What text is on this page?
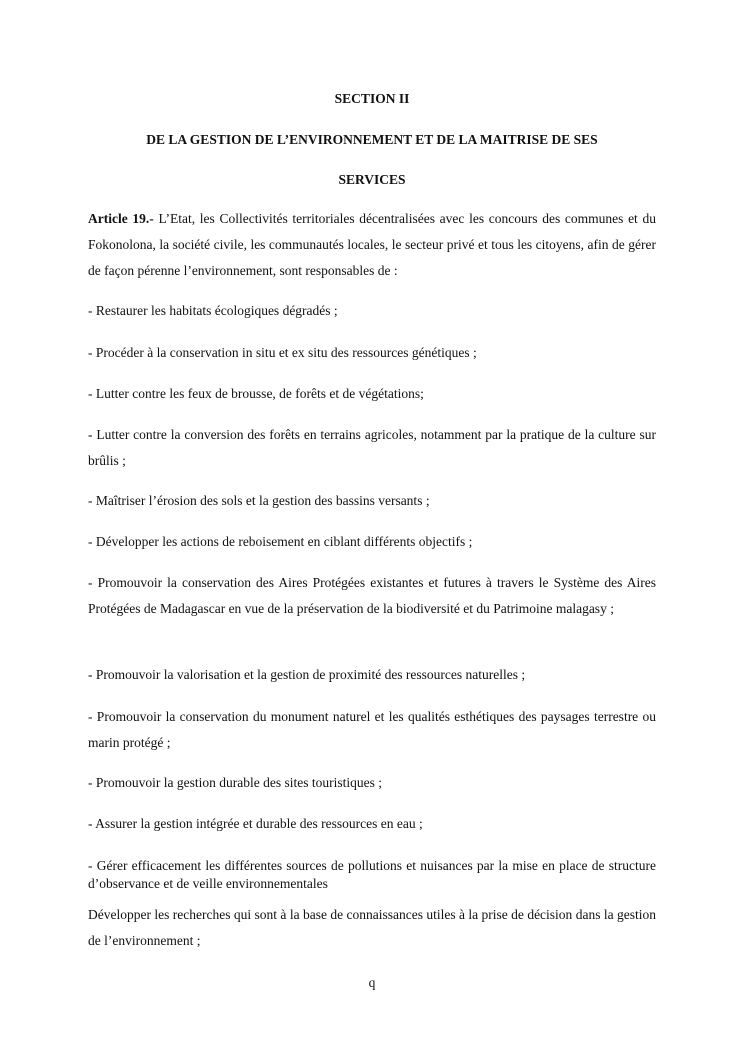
SECTION II
DE LA GESTION DE L’ENVIRONNEMENT ET DE LA MAITRISE DE SES
SERVICES
Article 19.- L’Etat, les Collectivités territoriales décentralisées avec les concours des communes et du Fokonolona, la société civile, les communautés locales, le secteur privé et tous les citoyens, afin de gérer de façon pérenne l’environnement, sont responsables de :
- Restaurer les habitats écologiques dégradés ;
- Procéder à la conservation in situ et ex situ des ressources génétiques ;
- Lutter contre les feux de brousse, de forêts et de végétations;
- Lutter contre la conversion des forêts en terrains agricoles, notamment par la pratique de la culture sur brûlis ;
- Maîtriser l’érosion des sols et la gestion des bassins versants ;
- Développer les actions de reboisement en ciblant différents objectifs ;
- Promouvoir la conservation des Aires Protégées existantes et futures à travers le Système des Aires Protégées de Madagascar en vue de la préservation de la biodiversité et du Patrimoine malagasy ;
- Promouvoir la valorisation et la gestion de proximité des ressources naturelles ;
- Promouvoir la conservation du monument naturel et les qualités esthétiques des paysages terrestre ou marin protégé ;
- Promouvoir la gestion durable des sites touristiques ;
- Assurer la gestion intégrée et durable des ressources en eau ;
- Gérer efficacement les différentes sources de pollutions et nuisances par la mise en place de structure d’observance et de veille environnementales
Développer les recherches qui sont à la base de connaissances utiles à la prise de décision dans la gestion de l’environnement ;
q
